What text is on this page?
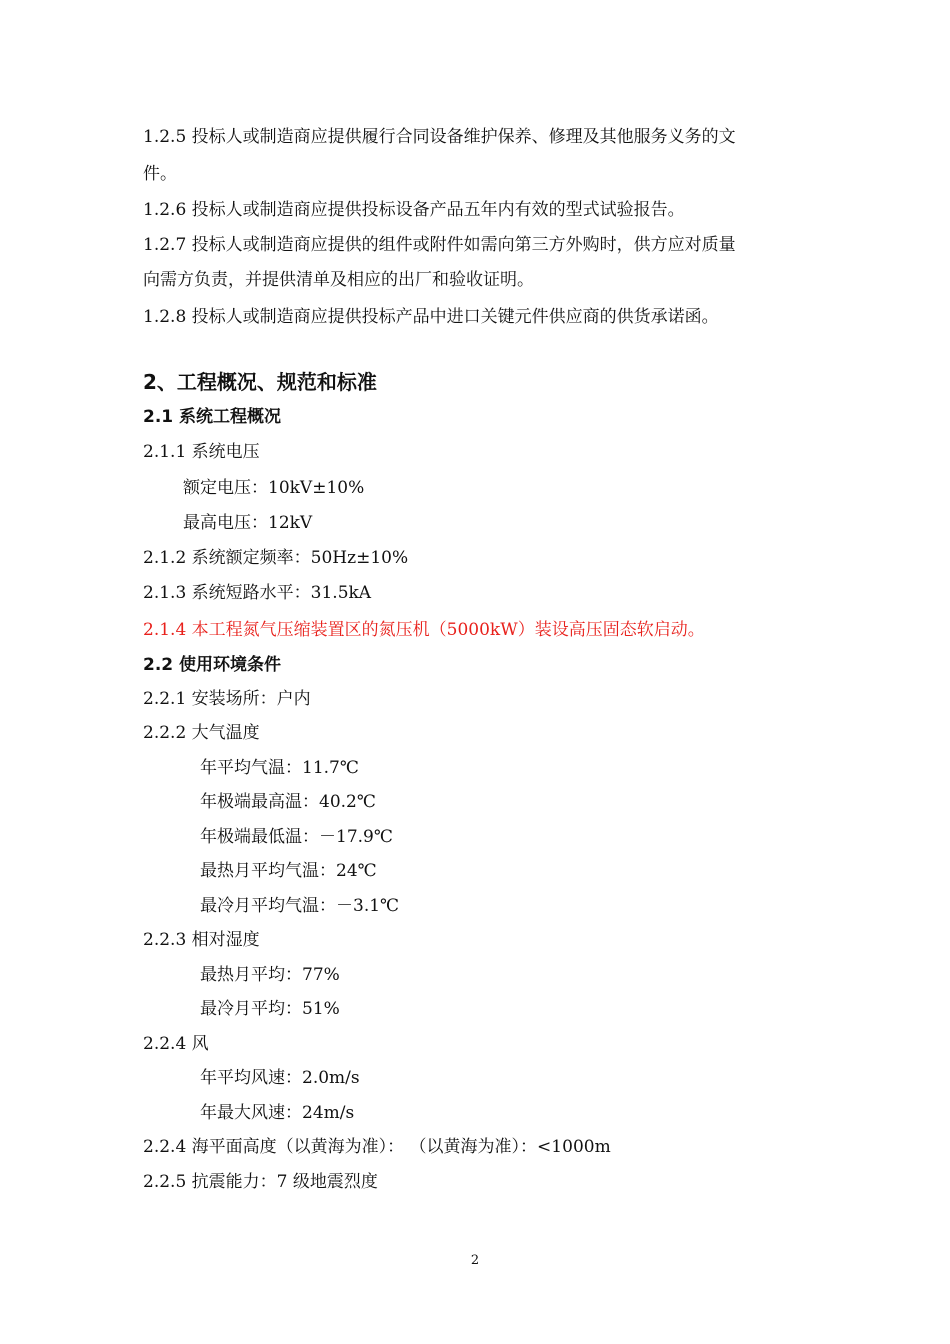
1.2.5 投标人或制造商应提供履行合同设备维护保养、修理及其他服务义务的文
件。
1.2.6 投标人或制造商应提供投标设备产品五年内有效的型式试验报告。
1.2.7 投标人或制造商应提供的组件或附件如需向第三方外购时，供方应对质量
向需方负责，并提供清单及相应的出厂和验收证明。
1.2.8 投标人或制造商应提供投标产品中进口关键元件供应商的供货承诺函。
2、工程概况、规范和标准
2.1 系统工程概况
2.1.1 系统电压
额定电压：10kV±10%
最高电压：12kV
2.1.2 系统额定频率：50Hz±10%
2.1.3 系统短路水平：31.5kA
2.1.4 本工程氮气压缩装置区的氮压机（5000kW）装设高压固态软启动。
2.2 使用环境条件
2.2.1 安装场所：户内
2.2.2 大气温度
年平均气温：11.7℃
年极端最高温：40.2℃
年极端最低温：－17.9℃
最热月平均气温：24℃
最冷月平均气温：－3.1℃
2.2.3 相对湿度
最热月平均：77%
最冷月平均：51%
2.2.4 风
年平均风速：2.0m/s
年最大风速：24m/s
2.2.4 海平面高度（以黄海为准）： （以黄海为准）：<1000m
2.2.5 抗震能力：7 级地震烈度
2
